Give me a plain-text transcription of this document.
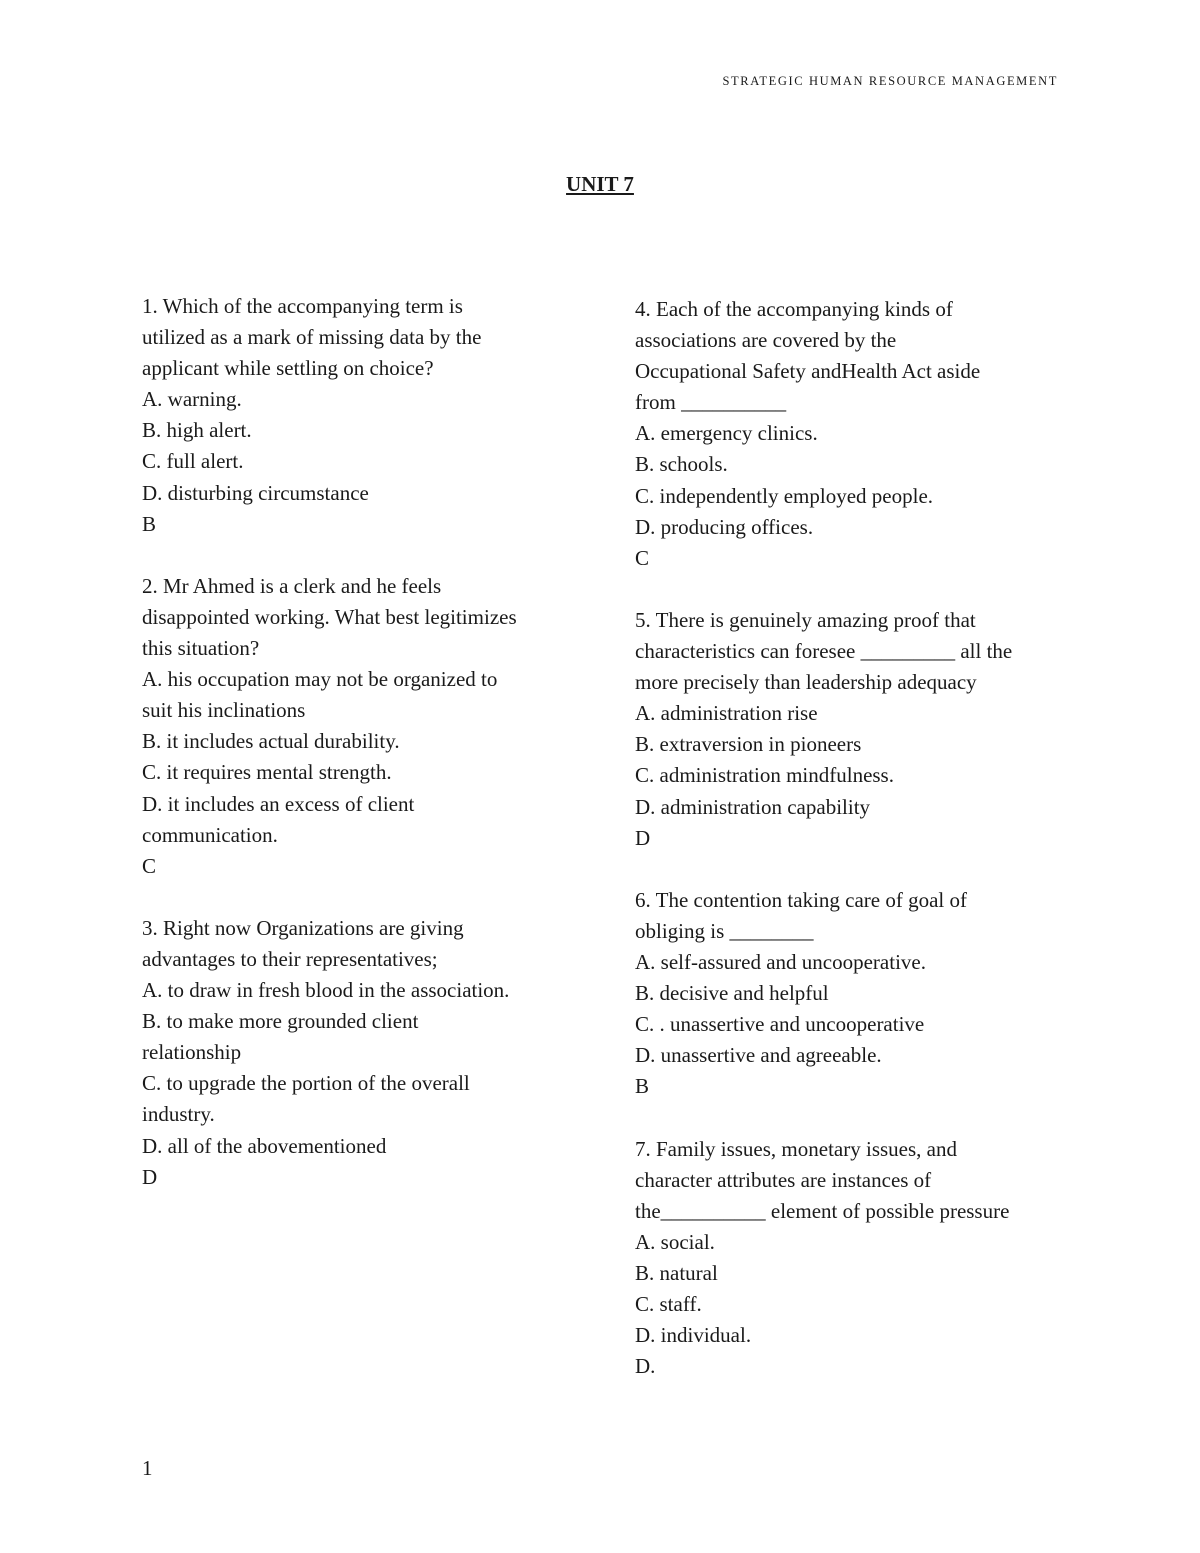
STRATEGIC HUMAN RESOURCE MANAGEMENT
UNIT 7
1. Which of the accompanying term is
utilized as a mark of missing data by the
applicant while settling on choice?
A. warning.
B. high alert.
C. full alert.
D. disturbing circumstance
B
2. Mr Ahmed is a clerk and he feels
disappointed working. What best legitimizes
this situation?
A. his occupation may not be organized to
suit his inclinations
B. it includes actual durability.
C. it requires mental strength.
D. it includes an excess of client
communication.
C
3. Right now Organizations are giving
advantages to their representatives;
A. to draw in fresh blood in the association.
B. to make more grounded client
relationship
C. to upgrade the portion of the overall
industry.
D. all of the abovementioned
D
4. Each of the accompanying kinds of
associations are covered by the
Occupational Safety andHealth Act aside
from __________
A. emergency clinics.
B. schools.
C. independently employed people.
D. producing offices.
C
5. There is genuinely amazing proof that
characteristics can foresee _________ all the
more precisely than leadership adequacy
A. administration rise
B. extraversion in pioneers
C. administration mindfulness.
D. administration capability
D
6. The contention taking care of goal of
obliging is ________
A. self-assured and uncooperative.
B. decisive and helpful
C. . unassertive and uncooperative
D. unassertive and agreeable.
B
7. Family issues, monetary issues, and
character attributes are instances of
the__________ element of possible pressure
A. social.
B. natural
C. staff.
D. individual.
D.
1
